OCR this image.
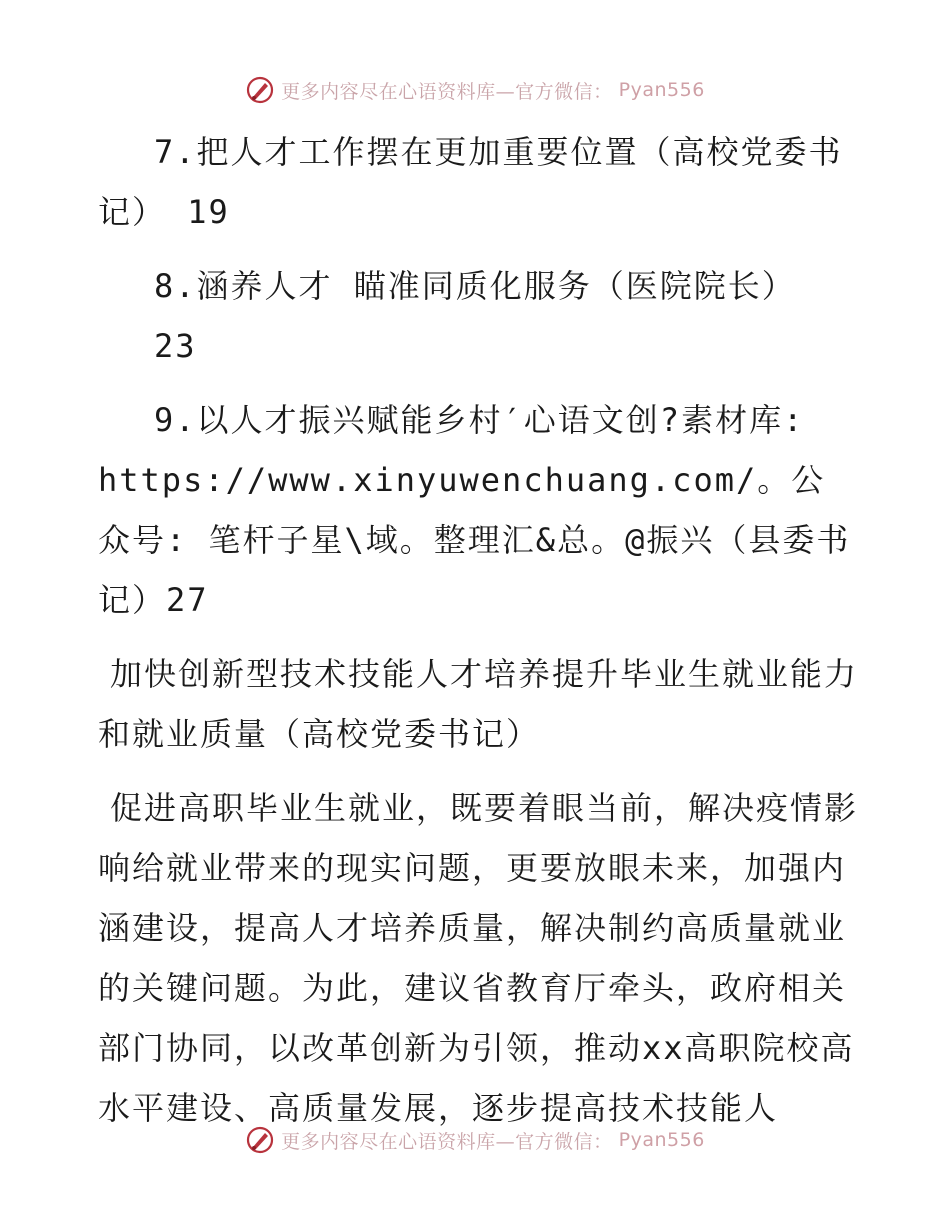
更多内容尽在心语资料库—官方微信： Pyan556

7.把人才工作摆在更加重要位置（高校党委书

记） 19

8.涵养人才 瞄准同质化服务（医院院长）

23

9.以人才振兴赋能乡村′心语文创?素材库:

https://www.xinyuwenchuang.com/。公众号: 笔杆子星\域。整理汇&总。@振兴（县委书记）27

加快创新型技术技能人才培养提升毕业生就业能力和就业质量（高校党委书记）

促进高职毕业生就业，既要着眼当前，解决疫情影响给就业带来的现实问题，更要放眼未来，加强内涵建设，提高人才培养质量，解决制约高质量就业的关键问题。为此，建议省教育厅牵头，政府相关部门协同，以改革创新为引领，推动xx高职院校高水平建设、高质量发展，逐步提高技术技能人

更多内容尽在心语资料库—官方微信： Pyan556
